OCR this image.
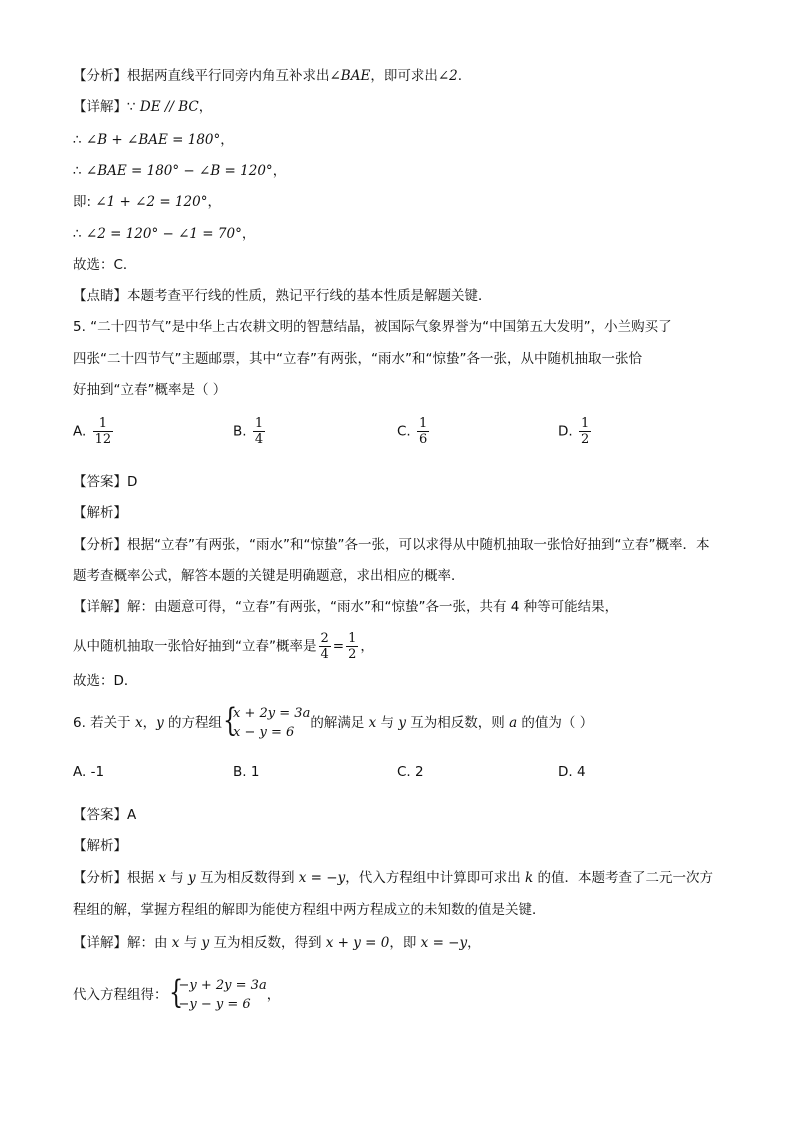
【分析】根据两直线平行同旁内角互补求出∠BAE，即可求出∠2.
【详解】∵ DE // BC，
∴ ∠B + ∠BAE = 180°，
∴ ∠BAE = 180° − ∠B = 120°，
即: ∠1 + ∠2 = 120°，
∴ ∠2 = 120° − ∠1 = 70°，
故选：C．
【点睛】本题考查平行线的性质，熟记平行线的基本性质是解题关键．
5. “二十四节气”是中华上古农耕文明的智慧结晶，被国际气象界誉为“中国第五大发明”，小兰购买了
四张“二十四节气”主题邮票，其中“立春”有两张，“雨水”和“惊蛰”各一张，从中随机抽取一张恰
好抽到“立春”概率是（ ）
A. $\frac{1}{12}$	B. $\frac{1}{4}$	C. $\frac{1}{6}$	D. $\frac{1}{2}$
【答案】D
【解析】
【分析】根据“立春”有两张，“雨水”和“惊蛰”各一张，可以求得从中随机抽取一张恰好抽到“立春”概率．本
题考查概率公式，解答本题的关键是明确题意，求出相应的概率．
【详解】解：由题意可得，“立春”有两张，“雨水”和“惊蛰”各一张，共有 4 种等可能结果，
从中随机抽取一张恰好抽到“立春”概率是 $\frac{2}{4} = \frac{1}{2}$ ，
故选：D．
6. 若关于 x，y 的方程组 {
x + 2y = 3a
x − y = 6
的解满足 x 与 y 互为相反数，则 a 的值为（ ）
A. -1	B. 1	C. 2	D. 4
【答案】A
【解析】
【分析】根据 x 与 y 互为相反数得到 x = −y，代入方程组中计算即可求出 k 的值．本题考查了二元一次方
程组的解，掌握方程组的解即为能使方程组中两方程成立的未知数的值是关键．
【详解】解：由 x 与 y 互为相反数，得到 x + y = 0，即 x = −y，
代入方程组得： {
−y + 2y = 3a
−y − y = 6
，
